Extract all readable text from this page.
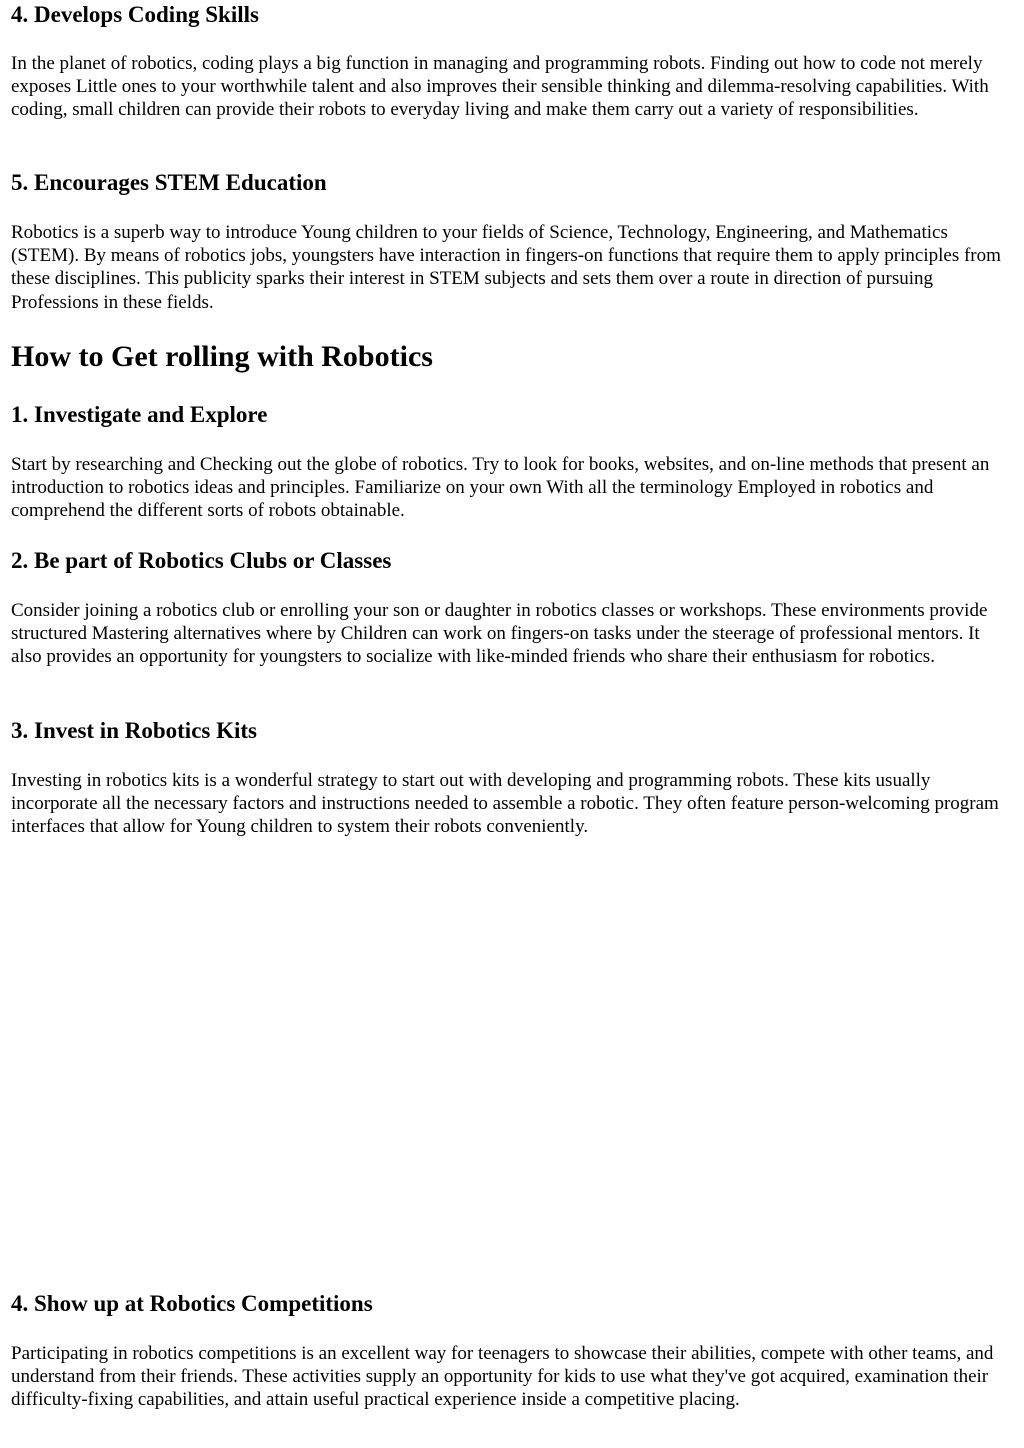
4. Develops Coding Skills

In the planet of robotics, coding plays a big function in managing and programming robots. Finding out how to code not merely exposes Little ones to your worthwhile talent and also improves their sensible thinking and dilemma-resolving capabilities. With coding, small children can provide their robots to everyday living and make them carry out a variety of responsibilities.

5. Encourages STEM Education

Robotics is a superb way to introduce Young children to your fields of Science, Technology, Engineering, and Mathematics (STEM). By means of robotics jobs, youngsters have interaction in fingers-on functions that require them to apply principles from these disciplines. This publicity sparks their interest in STEM subjects and sets them over a route in direction of pursuing Professions in these fields.

How to Get rolling with Robotics
1. Investigate and Explore

Start by researching and Checking out the globe of robotics. Try to look for books, websites, and on-line methods that present an introduction to robotics ideas and principles. Familiarize on your own With all the terminology Employed in robotics and comprehend the different sorts of robots obtainable.

2. Be part of Robotics Clubs or Classes

Consider joining a robotics club or enrolling your son or daughter in robotics classes or workshops. These environments provide structured Mastering alternatives where by Children can work on fingers-on tasks under the steerage of professional mentors. It also provides an opportunity for youngsters to socialize with like-minded friends who share their enthusiasm for robotics.

3. Invest in Robotics Kits

Investing in robotics kits is a wonderful strategy to start out with developing and programming robots. These kits usually incorporate all the necessary factors and instructions needed to assemble a robotic. They often feature person-welcoming program interfaces that allow for Young children to system their robots conveniently.

4. Show up at Robotics Competitions

Participating in robotics competitions is an excellent way for teenagers to showcase their abilities, compete with other teams, and understand from their friends. These activities supply an opportunity for kids to use what they've got acquired, examination their difficulty-fixing capabilities, and attain useful practical experience inside a competitive placing.
